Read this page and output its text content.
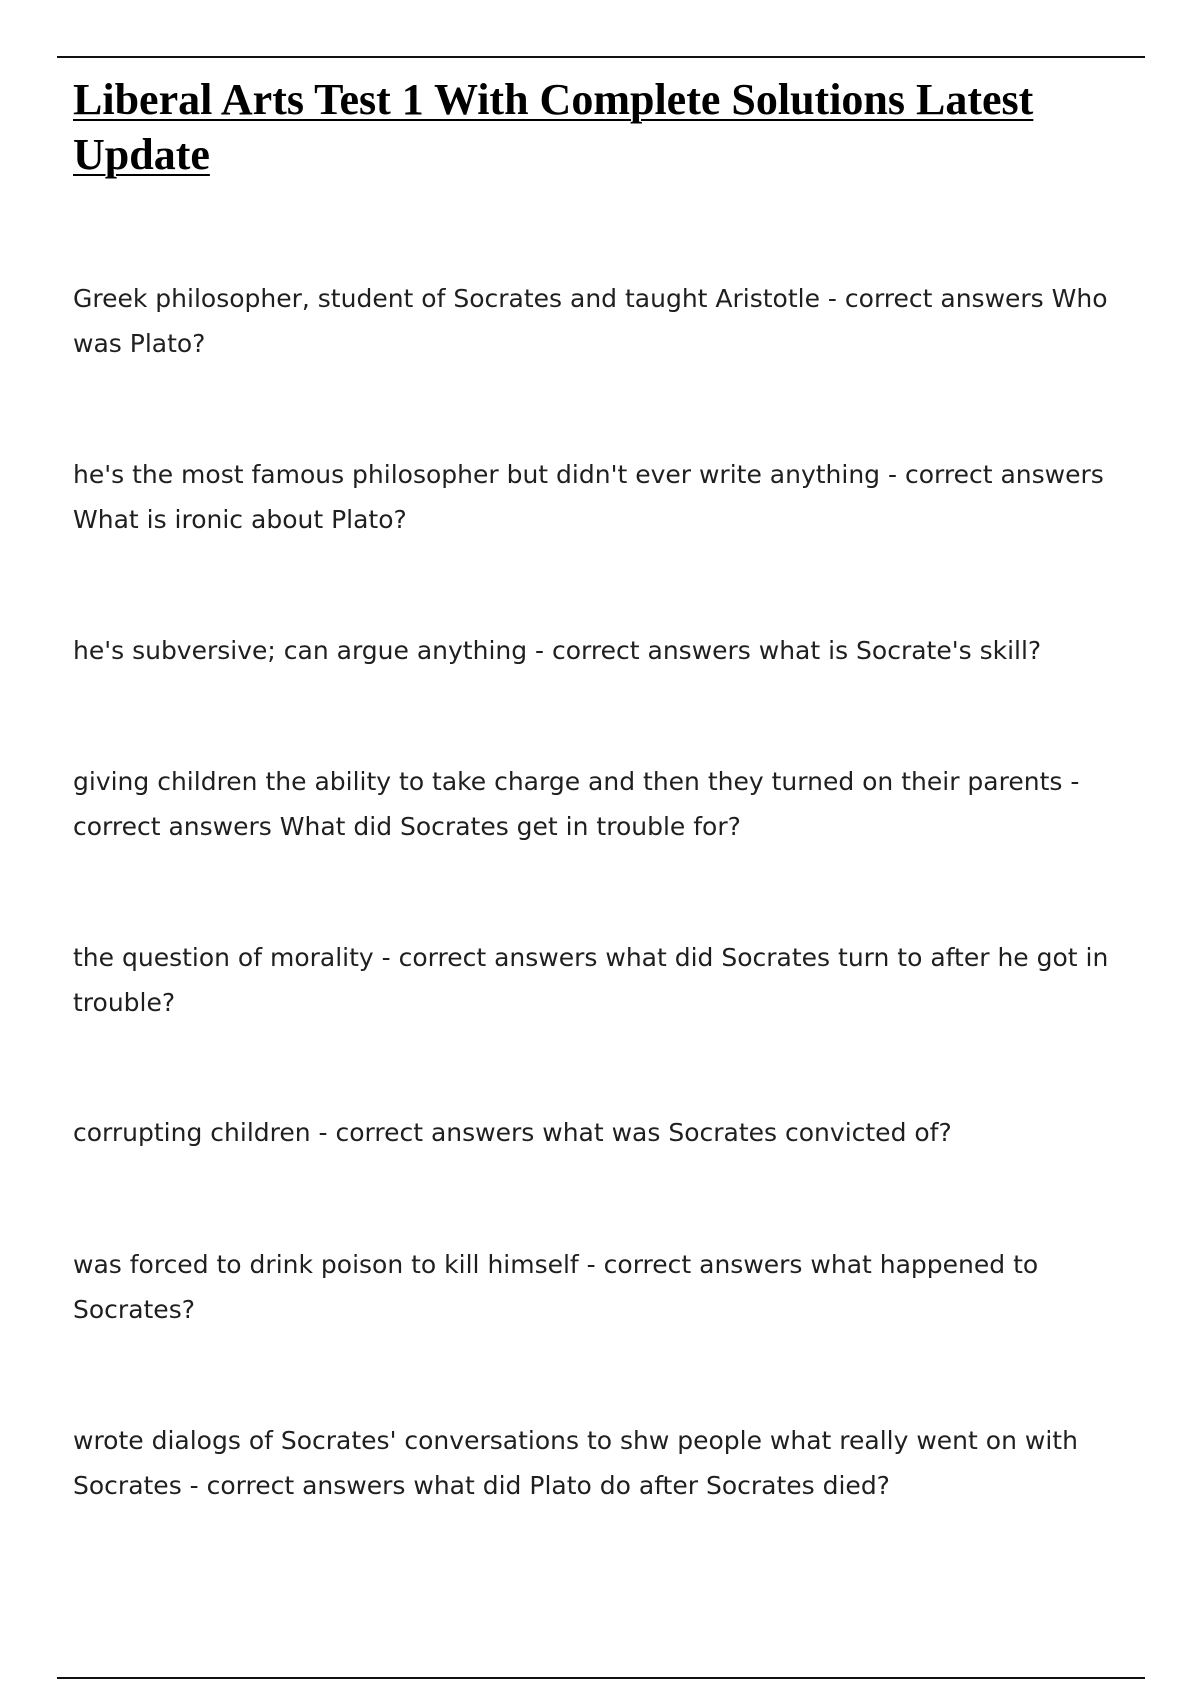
Liberal Arts Test 1 With Complete Solutions Latest Update

Greek philosopher, student of Socrates and taught Aristotle - correct answers Who was Plato?

he's the most famous philosopher but didn't ever write anything - correct answers What is ironic about Plato?

he's subversive; can argue anything - correct answers what is Socrate's skill?

giving children the ability to take charge and then they turned on their parents - correct answers What did Socrates get in trouble for?

the question of morality - correct answers what did Socrates turn to after he got in trouble?

corrupting children - correct answers what was Socrates convicted of?

was forced to drink poison to kill himself - correct answers what happened to Socrates?

wrote dialogs of Socrates' conversations to shw people what really went on with Socrates - correct answers what did Plato do after Socrates died?
